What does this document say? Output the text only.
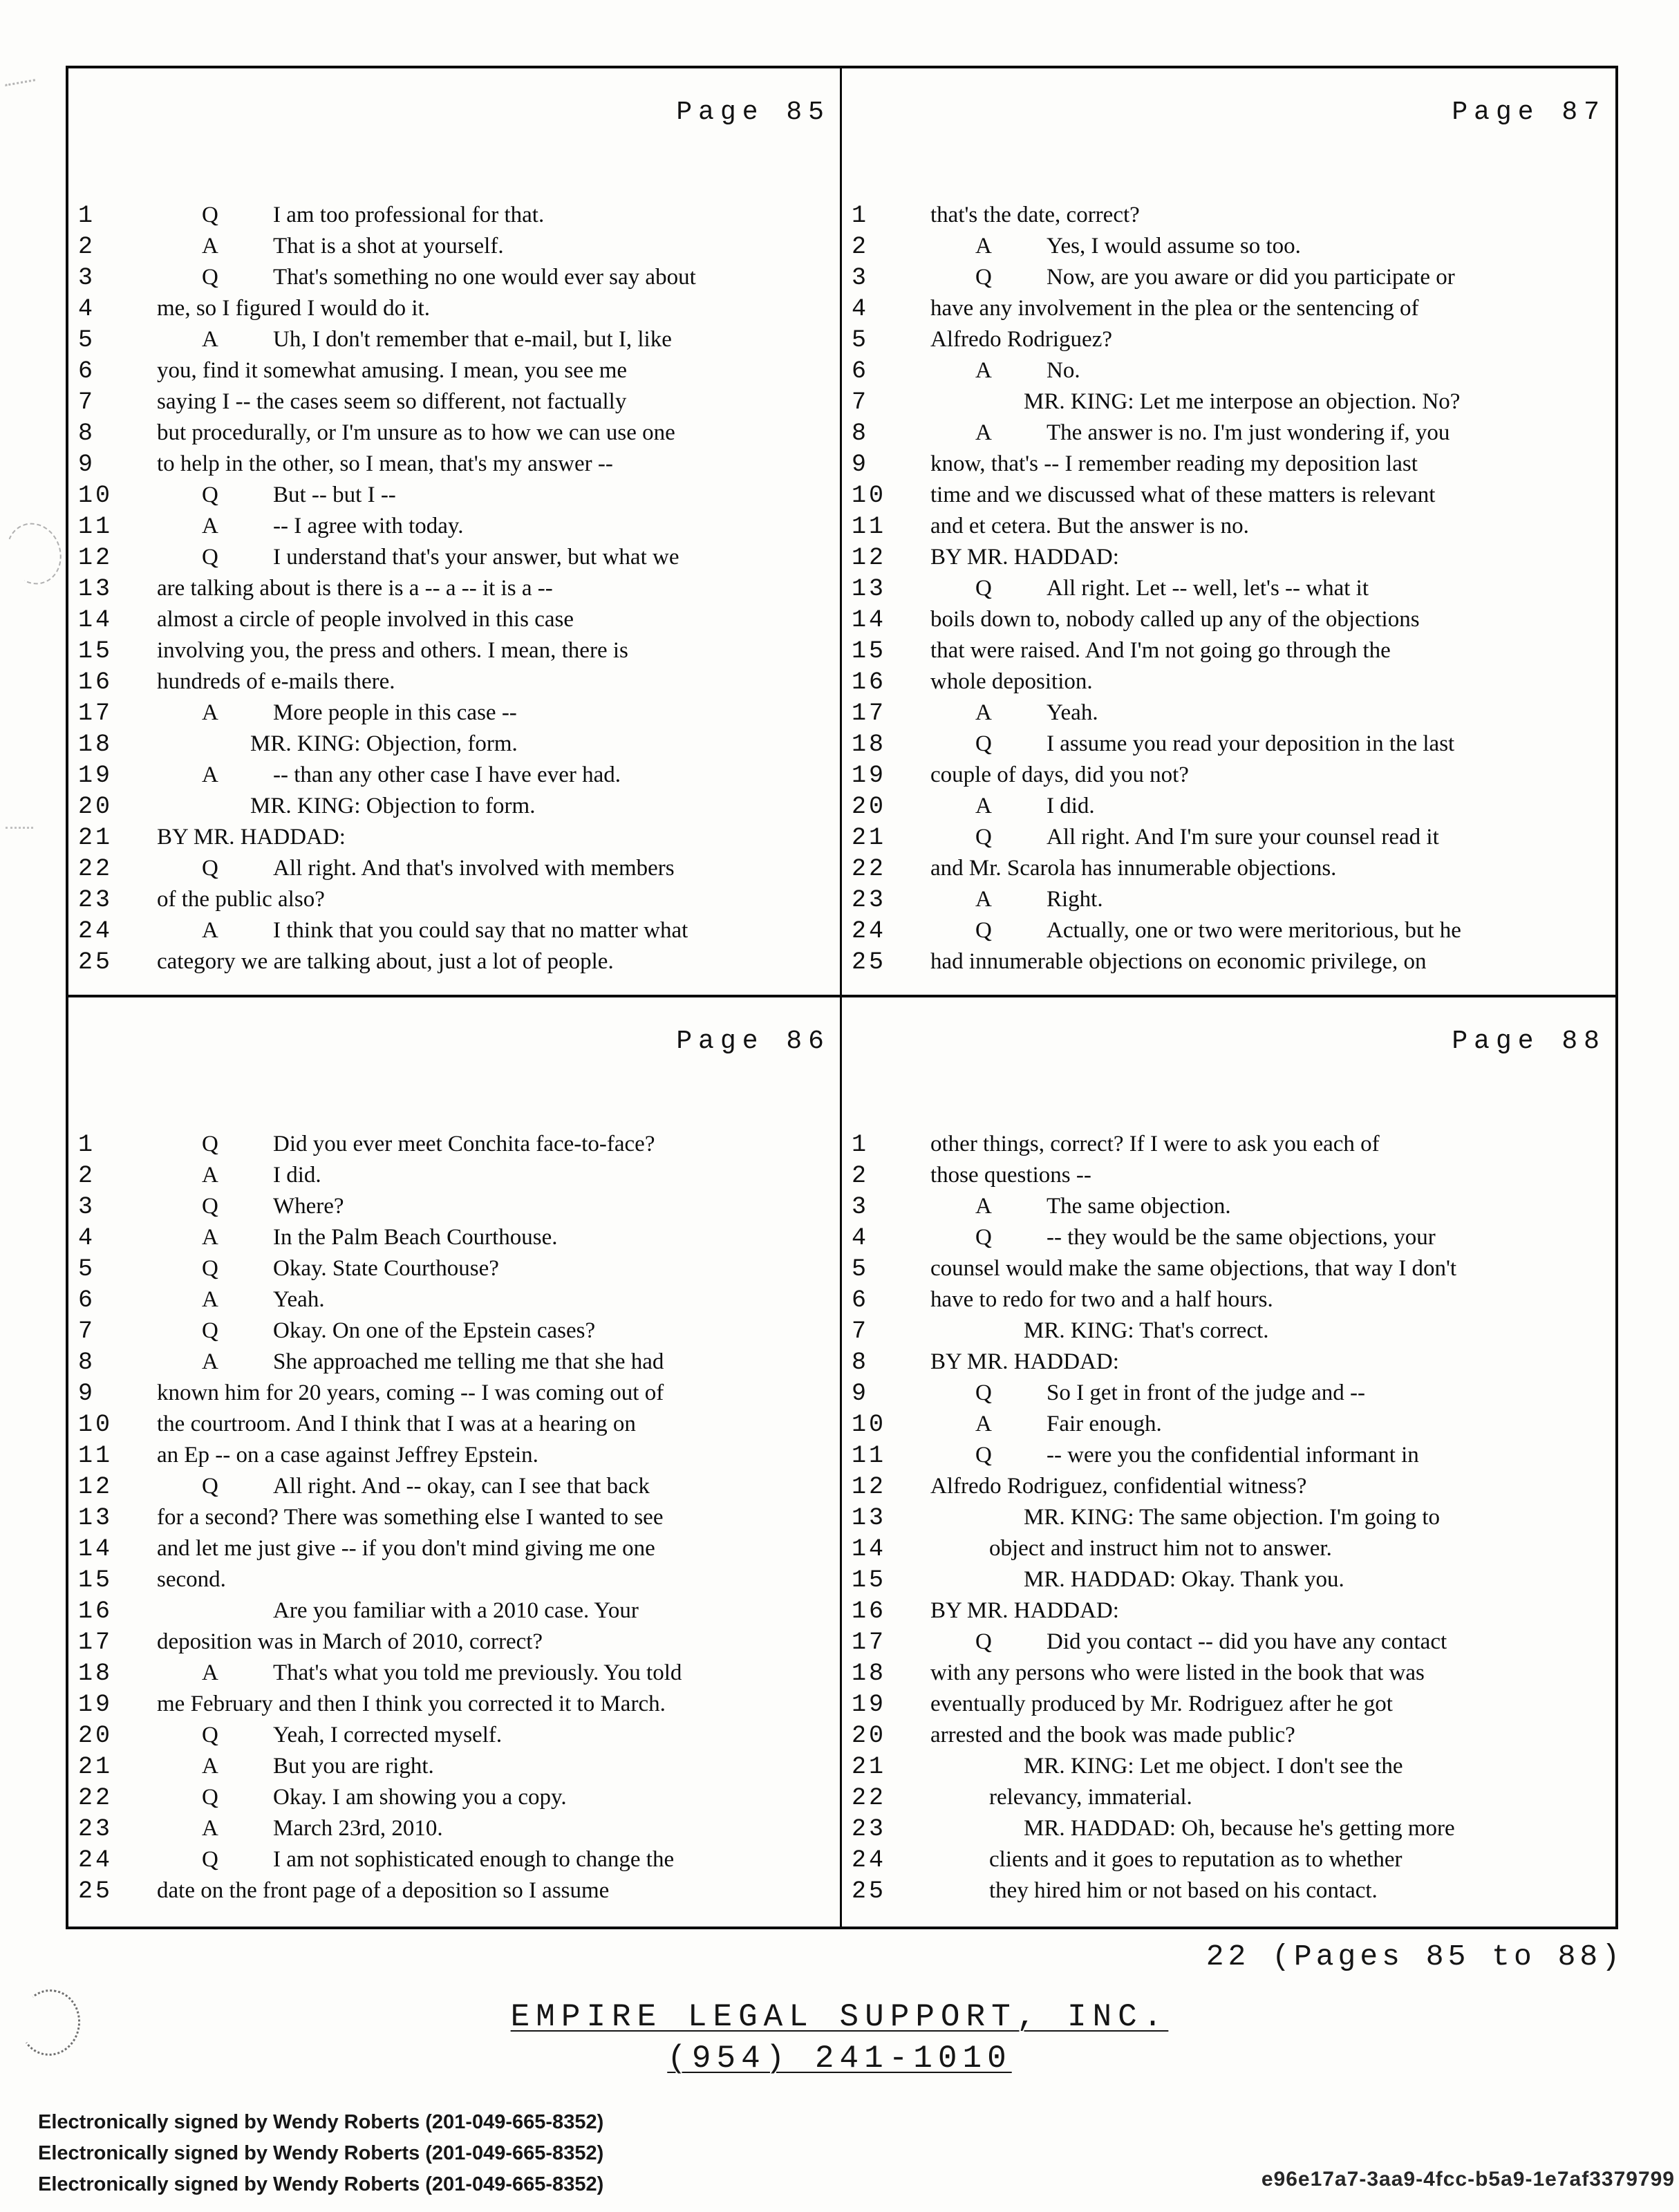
Page 85
1	Q I am too professional for that.
2	A That is a shot at yourself.
3	Q That's something no one would ever say about
4	me, so I figured I would do it.
5	A Uh, I don't remember that e-mail, but I, like
6	you, find it somewhat amusing. I mean, you see me
7	saying I -- the cases seem so different, not factually
8	but procedurally, or I'm unsure as to how we can use one
9	to help in the other, so I mean, that's my answer --
10	Q But -- but I --
11	A -- I agree with today.
12	Q I understand that's your answer, but what we
13	are talking about is there is a -- a -- it is a --
14	almost a circle of people involved in this case
15	involving you, the press and others. I mean, there is
16	hundreds of e-mails there.
17	A More people in this case --
18	MR. KING: Objection, form.
19	A -- than any other case I have ever had.
20	MR. KING: Objection to form.
21	BY MR. HADDAD:
22	Q All right. And that's involved with members
23	of the public also?
24	A I think that you could say that no matter what
25	category we are talking about, just a lot of people.
Page 87
1	that's the date, correct?
2	A Yes, I would assume so too.
3	Q Now, are you aware or did you participate or
4	have any involvement in the plea or the sentencing of
5	Alfredo Rodriguez?
6	A No.
7	MR. KING: Let me interpose an objection. No?
8	A The answer is no. I'm just wondering if, you
9	know, that's -- I remember reading my deposition last
10	time and we discussed what of these matters is relevant
11	and et cetera. But the answer is no.
12	BY MR. HADDAD:
13	Q All right. Let -- well, let's -- what it
14	boils down to, nobody called up any of the objections
15	that were raised. And I'm not going go through the
16	whole deposition.
17	A Yeah.
18	Q I assume you read your deposition in the last
19	couple of days, did you not?
20	A I did.
21	Q All right. And I'm sure your counsel read it
22	and Mr. Scarola has innumerable objections.
23	A Right.
24	Q Actually, one or two were meritorious, but he
25	had innumerable objections on economic privilege, on
Page 86
1	Q Did you ever meet Conchita face-to-face?
2	A I did.
3	Q Where?
4	A In the Palm Beach Courthouse.
5	Q Okay. State Courthouse?
6	A Yeah.
7	Q Okay. On one of the Epstein cases?
8	A She approached me telling me that she had
9	known him for 20 years, coming -- I was coming out of
10	the courtroom. And I think that I was at a hearing on
11	an Ep -- on a case against Jeffrey Epstein.
12	Q All right. And -- okay, can I see that back
13	for a second? There was something else I wanted to see
14	and let me just give -- if you don't mind giving me one
15	second.
16	Are you familiar with a 2010 case. Your
17	deposition was in March of 2010, correct?
18	A That's what you told me previously. You told
19	me February and then I think you corrected it to March.
20	Q Yeah, I corrected myself.
21	A But you are right.
22	Q Okay. I am showing you a copy.
23	A March 23rd, 2010.
24	Q I am not sophisticated enough to change the
25	date on the front page of a deposition so I assume
Page 88
1	other things, correct? If I were to ask you each of
2	those questions --
3	A The same objection.
4	Q -- they would be the same objections, your
5	counsel would make the same objections, that way I don't
6	have to redo for two and a half hours.
7	MR. KING: That's correct.
8	BY MR. HADDAD:
9	Q So I get in front of the judge and --
10	A Fair enough.
11	Q -- were you the confidential informant in
12	Alfredo Rodriguez, confidential witness?
13	MR. KING: The same objection. I'm going to
14	object and instruct him not to answer.
15	MR. HADDAD: Okay. Thank you.
16	BY MR. HADDAD:
17	Q Did you contact -- did you have any contact
18	with any persons who were listed in the book that was
19	eventually produced by Mr. Rodriguez after he got
20	arrested and the book was made public?
21	MR. KING: Let me object. I don't see the
22	relevancy, immaterial.
23	MR. HADDAD: Oh, because he's getting more
24	clients and it goes to reputation as to whether
25	they hired him or not based on his contact.
22 (Pages 85 to 88)
EMPIRE LEGAL SUPPORT, INC.
(954) 241-1010
Electronically signed by Wendy Roberts (201-049-665-8352)
Electronically signed by Wendy Roberts (201-049-665-8352)
Electronically signed by Wendy Roberts (201-049-665-8352)	e96e17a7-3aa9-4fcc-b5a9-1e7af3379799
